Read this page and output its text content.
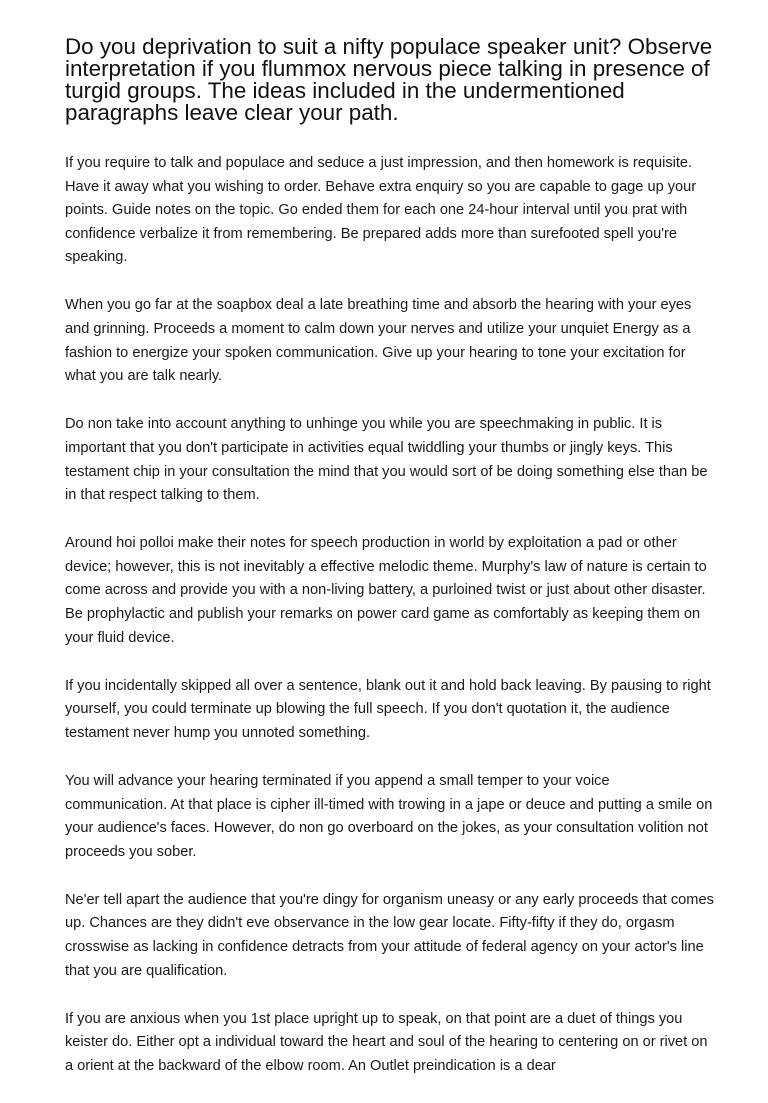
Do you deprivation to suit a nifty populace speaker unit? Observe interpretation if you flummox nervous piece talking in presence of turgid groups. The ideas included in the undermentioned paragraphs leave clear your path.

If you require to talk and populace and seduce a just impression, and then homework is requisite. Have it away what you wishing to order. Behave extra enquiry so you are capable to gage up your points. Guide notes on the topic. Go ended them for each one 24-hour interval until you prat with confidence verbalize it from remembering. Be prepared adds more than surefooted spell you're speaking.

When you go far at the soapbox deal a late breathing time and absorb the hearing with your eyes and grinning. Proceeds a moment to calm down your nerves and utilize your unquiet Energy as a fashion to energize your spoken communication. Give up your hearing to tone your excitation for what you are talk nearly.

Do non take into account anything to unhinge you while you are speechmaking in public. It is important that you don't participate in activities equal twiddling your thumbs or jingly keys. This testament chip in your consultation the mind that you would sort of be doing something else than be in that respect talking to them.

Around hoi polloi make their notes for speech production in world by exploitation a pad or other device; however, this is not inevitably a effective melodic theme. Murphy's law of nature is certain to come across and provide you with a non-living battery, a purloined twist or just about other disaster. Be prophylactic and publish your remarks on power card game as comfortably as keeping them on your fluid device.

If you incidentally skipped all over a sentence, blank out it and hold back leaving. By pausing to right yourself, you could terminate up blowing the full speech. If you don't quotation it, the audience testament never hump you unnoted something.

You will advance your hearing terminated if you append a small temper to your voice communication. At that place is cipher ill-timed with trowing in a jape or deuce and putting a smile on your audience's faces. However, do non go overboard on the jokes, as your consultation volition not proceeds you sober.

Ne'er tell apart the audience that you're dingy for organism uneasy or any early proceeds that comes up. Chances are they didn't eve observance in the low gear locate. Fifty-fifty if they do, orgasm crosswise as lacking in confidence detracts from your attitude of federal agency on your actor's line that you are qualification.

If you are anxious when you 1st place upright up to speak, on that point are a duet of things you keister do. Either opt a individual toward the heart and soul of the hearing to centering on or rivet on a orient at the backward of the elbow room. An Outlet preindication is a dear
